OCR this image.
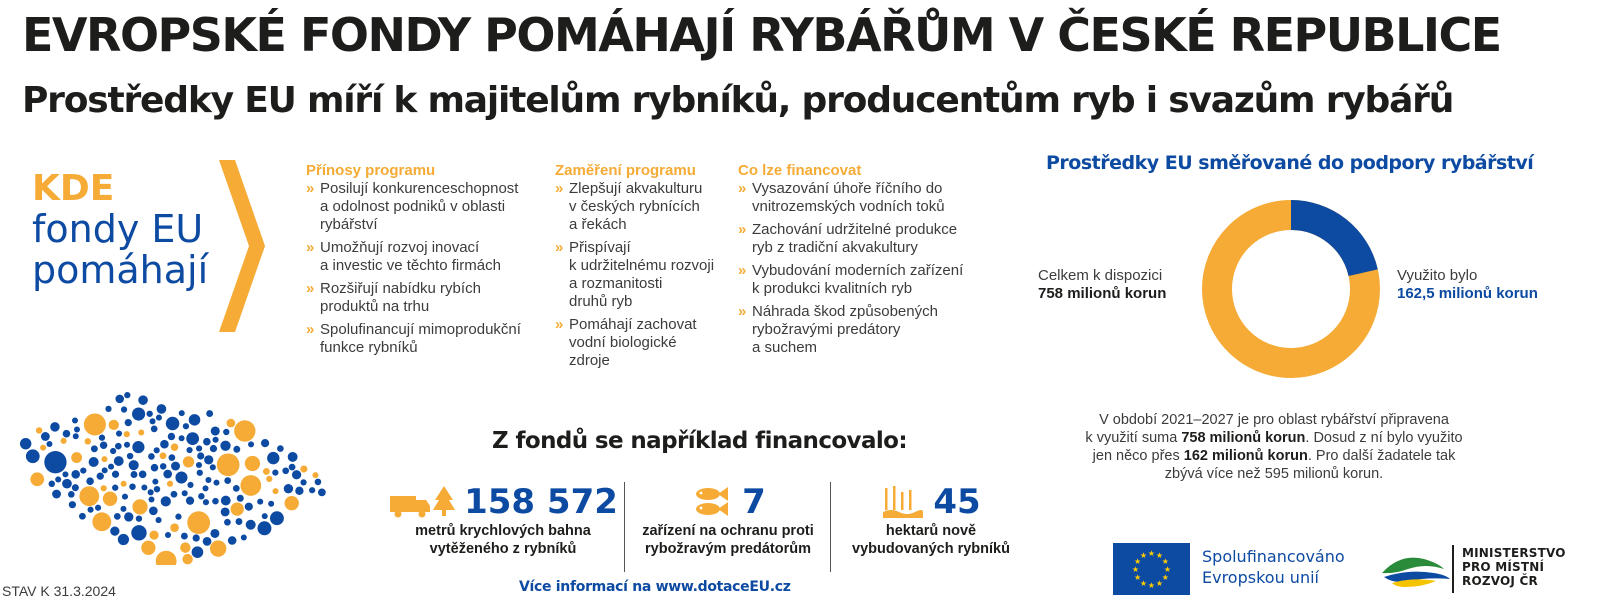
EVROPSKÉ FONDY POMÁHAJÍ RYBÁŘŮM V ČESKÉ REPUBLICE
Prostředky EU míří k majitelům rybníků, producentům ryb i svazům rybářů
KDE
fondy EU
pomáhají
Přínosy programu
» Posilují konkurenceschopnost
a odolnost podniků v oblasti
rybářství
» Umožňují rozvoj inovací
a investic ve těchto firmách
» Rozšiřují nabídku rybích
produktů na trhu
» Spolufinancují mimoprodukční
funkce rybníků
Zaměření programu
» Zlepšují akvakulturu
v českých rybnících
a řekách
» Přispívají
k udržitelnému rozvoji
a rozmanitosti
druhů ryb
» Pomáhají zachovat
vodní biologické
zdroje
Co lze financovat
» Vysazování úhoře říčního do
vnitrozemských vodních toků
» Zachování udržitelné produkce
ryb z tradiční akvakultury
» Vybudování moderních zařízení
k produkci kvalitních ryb
» Náhrada škod způsobených
rybožravými predátory
a suchem
Prostředky EU směřované do podpory rybářství
Celkem k dispozici
758 milionů korun
Využito bylo
162,5 milionů korun
V období 2021–2027 je pro oblast rybářství připravena
k využití suma 758 milionů korun. Dosud z ní bylo využito
jen něco přes 162 milionů korun. Pro další žadatele tak
zbývá více než 595 milionů korun.
Z fondů se například financovalo:
158 572
metrů krychlových bahna
vytěženého z rybníků
7
zařízení na ochranu proti
rybožravým predátorům
45
hektarů nově
vybudovaných rybníků
Více informací na www.dotaceEU.cz
STAV K 31.3.2024
★ ★
★
★
★
★
★
★
★
★
★
★	Spolufinancováno
Evropskou unií
MINISTERSTVO
PRO MÍSTNÍ
ROZVOJ ČR
